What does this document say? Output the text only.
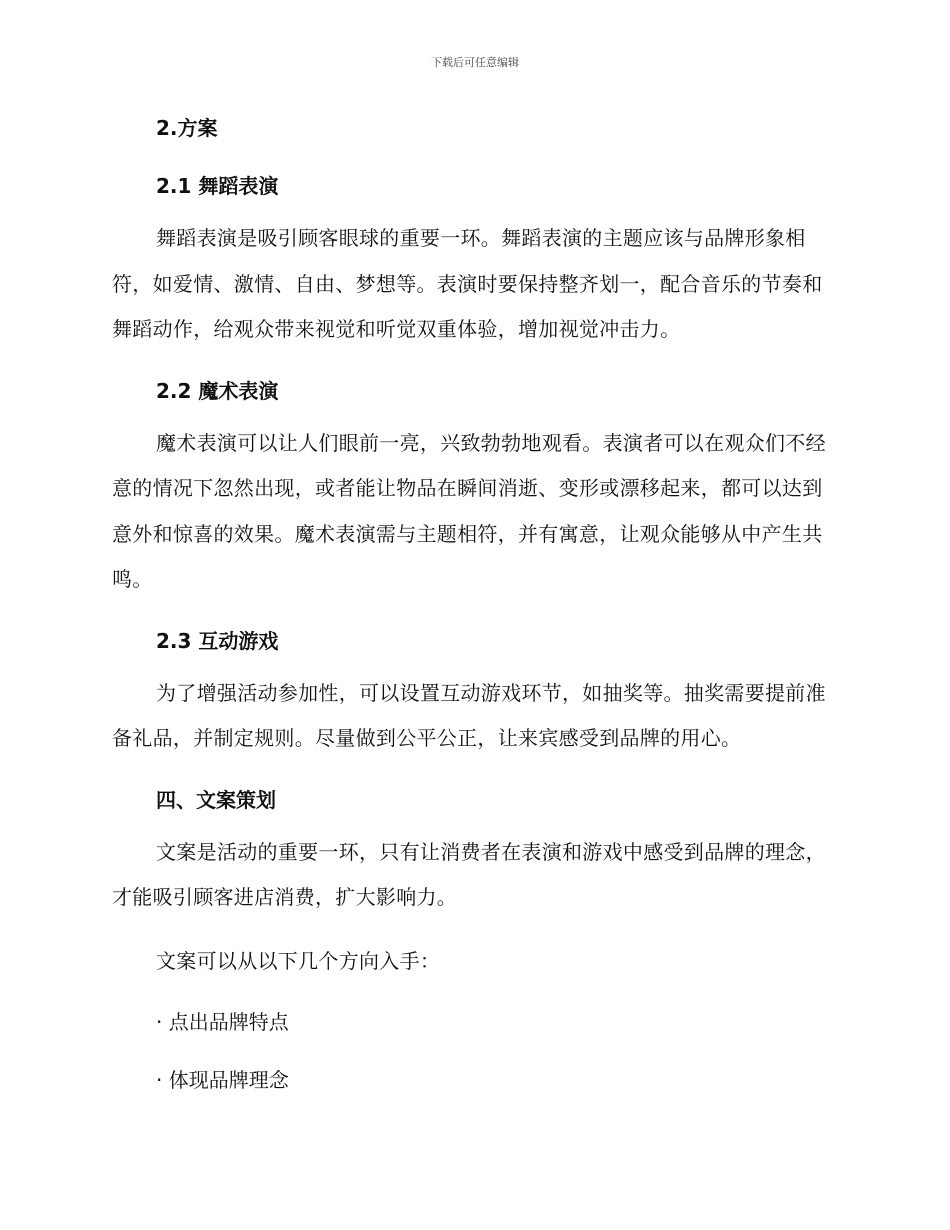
下载后可任意编辑
2.方案
2.1 舞蹈表演

舞蹈表演是吸引顾客眼球的重要一环。舞蹈表演的主题应该与品牌形象相符，如爱情、激情、自由、梦想等。表演时要保持整齐划一，配合音乐的节奏和舞蹈动作，给观众带来视觉和听觉双重体验，增加视觉冲击力。

2.2 魔术表演

魔术表演可以让人们眼前一亮，兴致勃勃地观看。表演者可以在观众们不经意的情况下忽然出现，或者能让物品在瞬间消逝、变形或漂移起来，都可以达到意外和惊喜的效果。魔术表演需与主题相符，并有寓意，让观众能够从中产生共鸣。

2.3 互动游戏

为了增强活动参加性，可以设置互动游戏环节，如抽奖等。抽奖需要提前准备礼品，并制定规则。尽量做到公平公正，让来宾感受到品牌的用心。

四、文案策划

文案是活动的重要一环，只有让消费者在表演和游戏中感受到品牌的理念，才能吸引顾客进店消费，扩大影响力。

文案可以从以下几个方向入手：

· 点出品牌特点
· 体现品牌理念
